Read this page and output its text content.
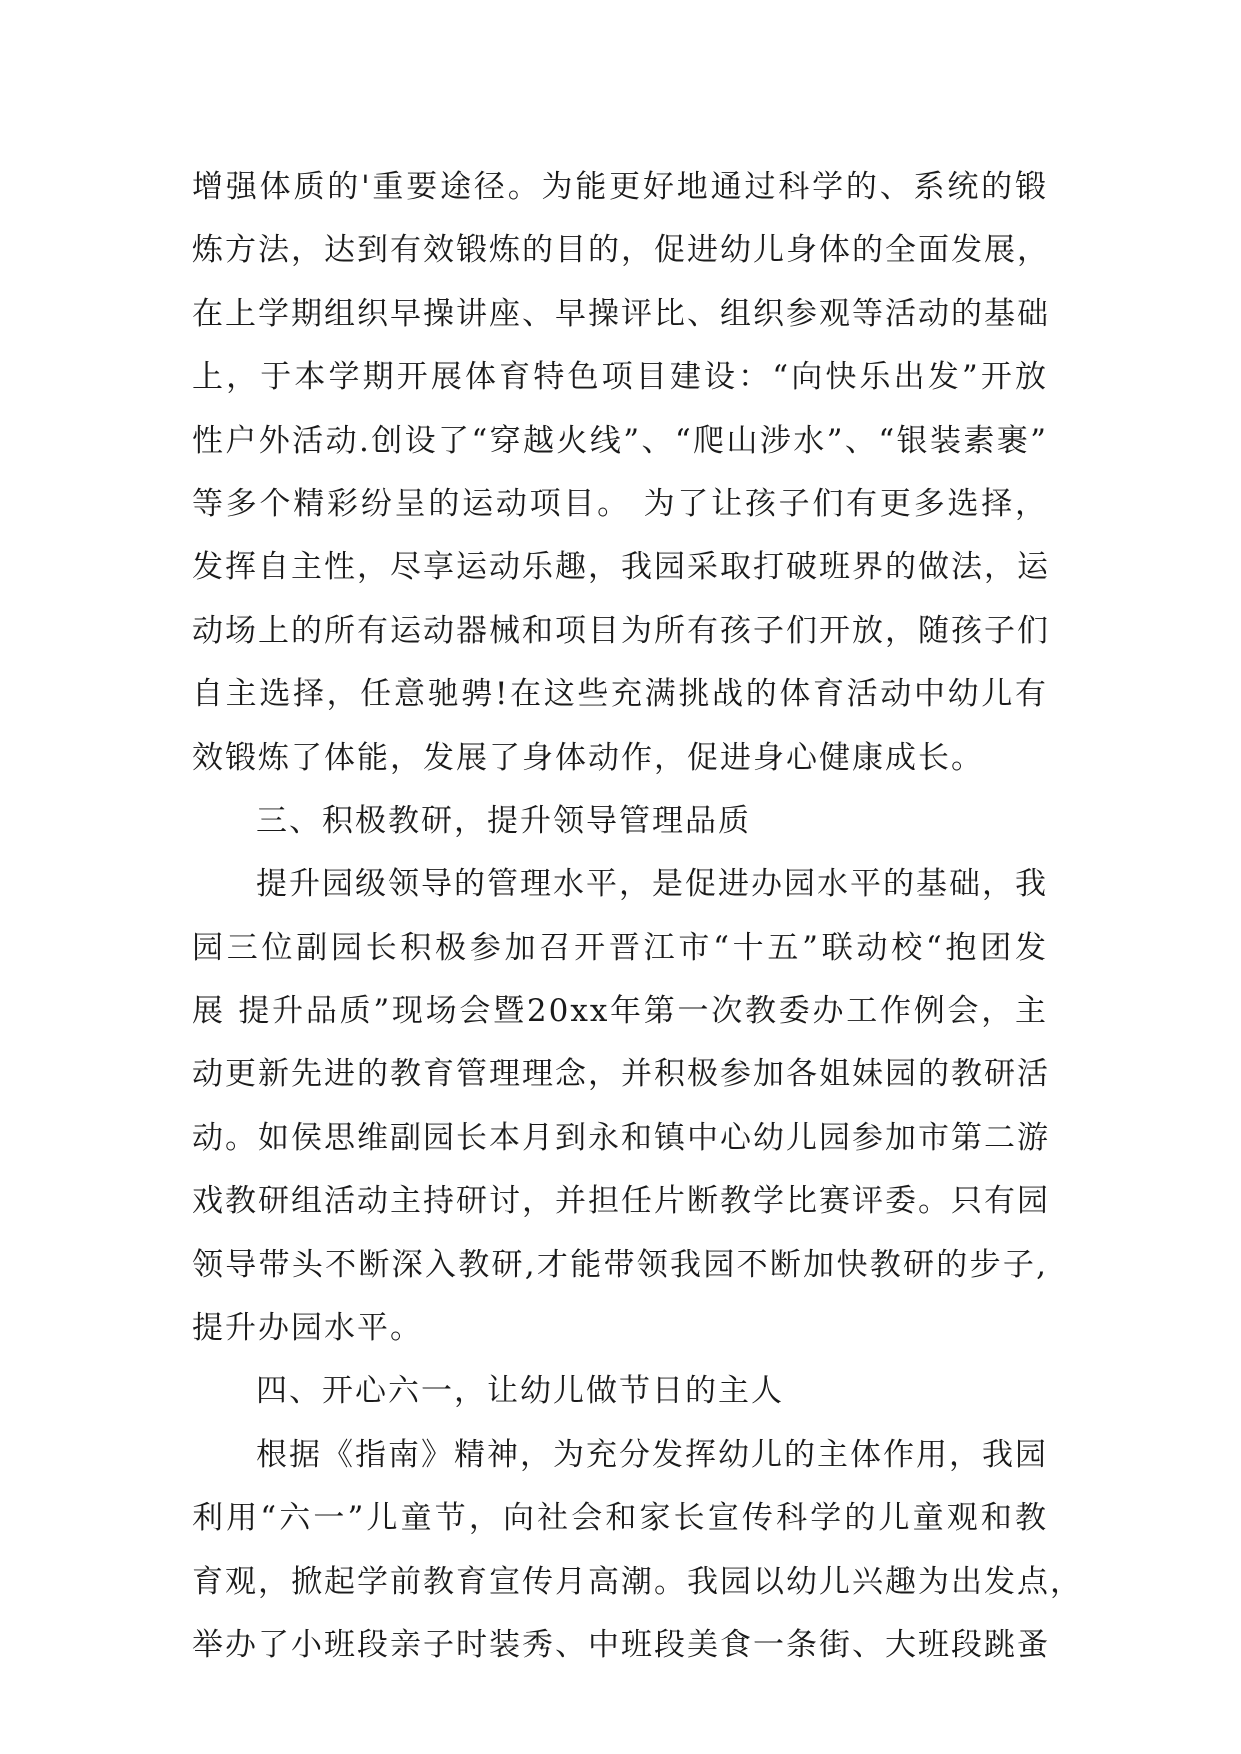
增强体质的'重要途径。为能更好地通过科学的、系统的锻
炼方法，达到有效锻炼的目的，促进幼儿身体的全面发展，
在上学期组织早操讲座、早操评比、组织参观等活动的基础
上，于本学期开展体育特色项目建设：“向快乐出发”开放
性户外活动.创设了“穿越火线”、“爬山涉水”、“银装素裹”
等多个精彩纷呈的运动项目。 为了让孩子们有更多选择，
发挥自主性，尽享运动乐趣，我园采取打破班界的做法，运
动场上的所有运动器械和项目为所有孩子们开放，随孩子们
自主选择，任意驰骋!在这些充满挑战的体育活动中幼儿有
效锻炼了体能，发展了身体动作，促进身心健康成长。
三、积极教研，提升领导管理品质
提升园级领导的管理水平，是促进办园水平的基础，我
园三位副园长积极参加召开晋江市“十五”联动校“抱团发
展 提升品质”现场会暨20xx年第一次教委办工作例会，主
动更新先进的教育管理理念，并积极参加各姐妹园的教研活
动。如侯思维副园长本月到永和镇中心幼儿园参加市第二游
戏教研组活动主持研讨，并担任片断教学比赛评委。只有园
领导带头不断深入教研,才能带领我园不断加快教研的步子,
提升办园水平。
四、开心六一，让幼儿做节日的主人
根据《指南》精神，为充分发挥幼儿的主体作用，我园
利用“六一”儿童节，向社会和家长宣传科学的儿童观和教
育观，掀起学前教育宣传月高潮。我园以幼儿兴趣为出发点，
举办了小班段亲子时装秀、中班段美食一条街、大班段跳蚤
